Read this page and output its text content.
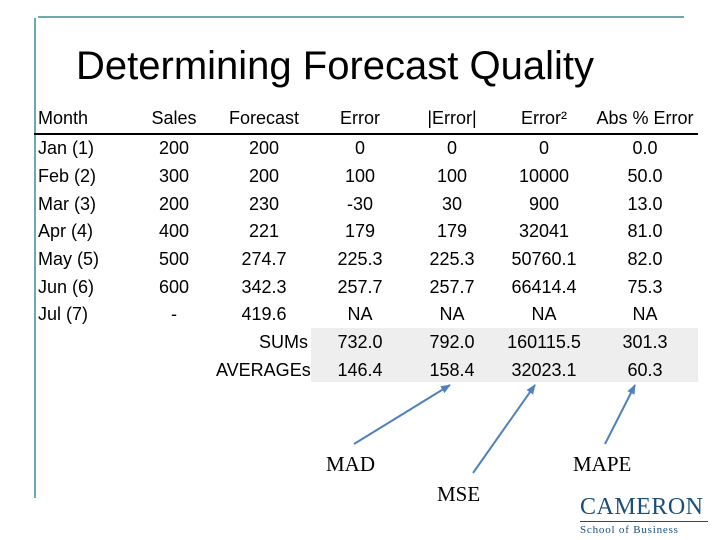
Determining Forecast Quality
Month	Sales	Forecast	Error	|Error|	Error²	Abs % Error
Jan (1)	200	200	0	0	0	0.0
Feb (2)	300	200	100	100	10000	50.0
Mar (3)	200	230	-30	30	900	13.0
Apr (4)	400	221	179	179	32041	81.0
May (5)	500	274.7	225.3	225.3	50760.1	82.0
Jun (6)	600	342.3	257.7	257.7	66414.4	75.3
Jul (7)	-	419.6	NA	NA	NA	NA
		SUMs	732.0	792.0	160115.5	301.3
		AVERAGEs	146.4	158.4	32023.1	60.3
MAD
MSE
MAPE
CAMERON
School of Business
